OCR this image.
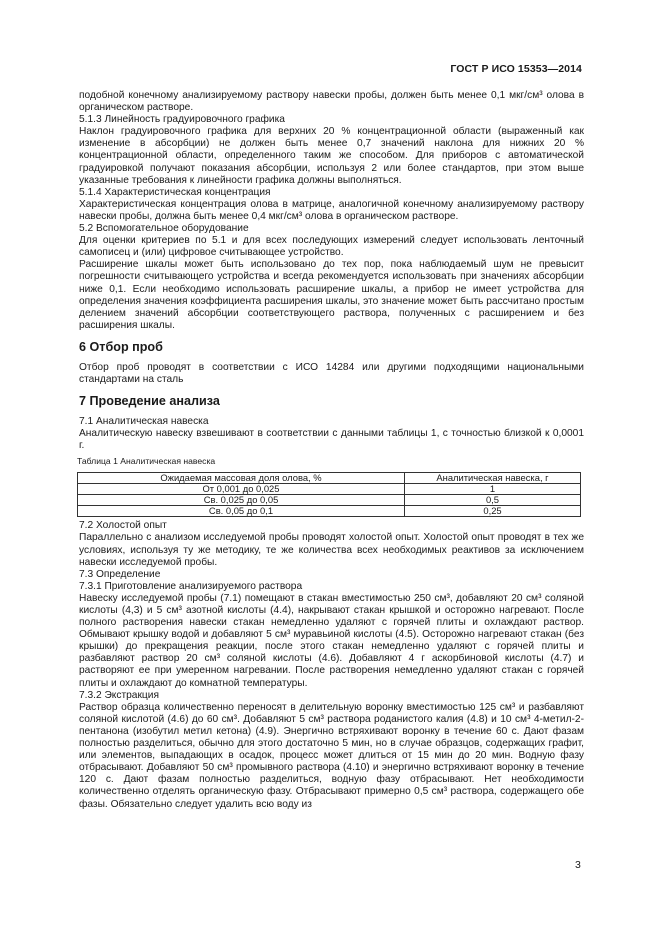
ГОСТ Р ИСО 15353—2014

подобной конечному анализируемому раствору навески пробы, должен быть менее 0,1 мкг/см³ олова в органическом растворе.

5.1.3 Линейность градуировочного графика

Наклон градуировочного графика для верхних 20 % концентрационной области (выраженный как изменение в абсорбции) не должен быть менее 0,7 значений наклона для нижних 20 % концентрационной области, определенного таким же способом. Для приборов с автоматической градуировкой получают показания абсорбции, используя 2 или более стандартов, при этом выше указанные требования к линейности графика должны выполняться.

5.1.4 Характеристическая концентрация

Характеристическая концентрация олова в матрице, аналогичной конечному анализируемому раствору навески пробы, должна быть менее 0,4 мкг/см³ олова в органическом растворе.

5.2 Вспомогательное оборудование

Для оценки критериев по 5.1 и для всех последующих измерений следует использовать ленточный самописец и (или) цифровое считывающее устройство.

Расширение шкалы может быть использовано до тех пор, пока наблюдаемый шум не превысит погрешности считывающего устройства и всегда рекомендуется использовать при значениях абсорбции ниже 0,1. Если необходимо использовать расширение шкалы, а прибор не имеет устройства для определения значения коэффициента расширения шкалы, это значение может быть рассчитано простым делением значений абсорбции соответствующего раствора, полученных с расширением и без расширения шкалы.

6 Отбор проб

Отбор проб проводят в соответствии с ИСО 14284 или другими подходящими национальными стандартами на сталь

7 Проведение анализа

7.1 Аналитическая навеска

Аналитическую навеску взвешивают в соответствии с данными таблицы 1, с точностью близкой к 0,0001 г.

Таблица 1 Аналитическая навеска
Ожидаемая массовая доля олова, %	Аналитическая навеска, г
От 0,001 до 0,025	1
Св. 0,025 до 0,05	0,5
Св. 0,05 до 0,1	0,25

7.2 Холостой опыт

Параллельно с анализом исследуемой пробы проводят холостой опыт. Холостой опыт проводят в тех же условиях, используя ту же методику, те же количества всех необходимых реактивов за исключением навески исследуемой пробы.

7.3 Определение

7.3.1 Приготовление анализируемого раствора

Навеску исследуемой пробы (7.1) помещают в стакан вместимостью 250 см³, добавляют 20 см³ соляной кислоты (4,3) и 5 см³ азотной кислоты (4.4), накрывают стакан крышкой и осторожно нагревают. После полного растворения навески стакан немедленно удаляют с горячей плиты и охлаждают раствор. Обмывают крышку водой и добавляют 5 см³ муравьиной кислоты (4.5). Осторожно нагревают стакан (без крышки) до прекращения реакции, после этого стакан немедленно удаляют с горячей плиты и разбавляют раствор 20 см³ соляной кислоты (4.6). Добавляют 4 г аскорбиновой кислоты (4.7) и растворяют ее при умеренном нагревании. После растворения немедленно удаляют стакан с горячей плиты и охлаждают до комнатной температуры.

7.3.2 Экстракция

Раствор образца количественно переносят в делительную воронку вместимостью 125 см³ и разбавляют соляной кислотой (4.6) до 60 см³. Добавляют 5 см³ раствора роданистого калия (4.8) и 10 см³ 4-метил-2-пентанона (изобутил метил кетона) (4.9). Энергично встряхивают воронку в течение 60 с. Дают фазам полностью разделиться, обычно для этого достаточно 5 мин, но в случае образцов, содержащих графит, или элементов, выпадающих в осадок, процесс может длиться от 15 мин до 20 мин. Водную фазу отбрасывают. Добавляют 50 см³ промывного раствора (4.10) и энергично встряхивают воронку в течение 120 с. Дают фазам полностью разделиться, водную фазу отбрасывают. Нет необходимости количественно отделять органическую фазу. Отбрасывают примерно 0,5 см³ раствора, содержащего обе фазы. Обязательно следует удалить всю воду из

3
